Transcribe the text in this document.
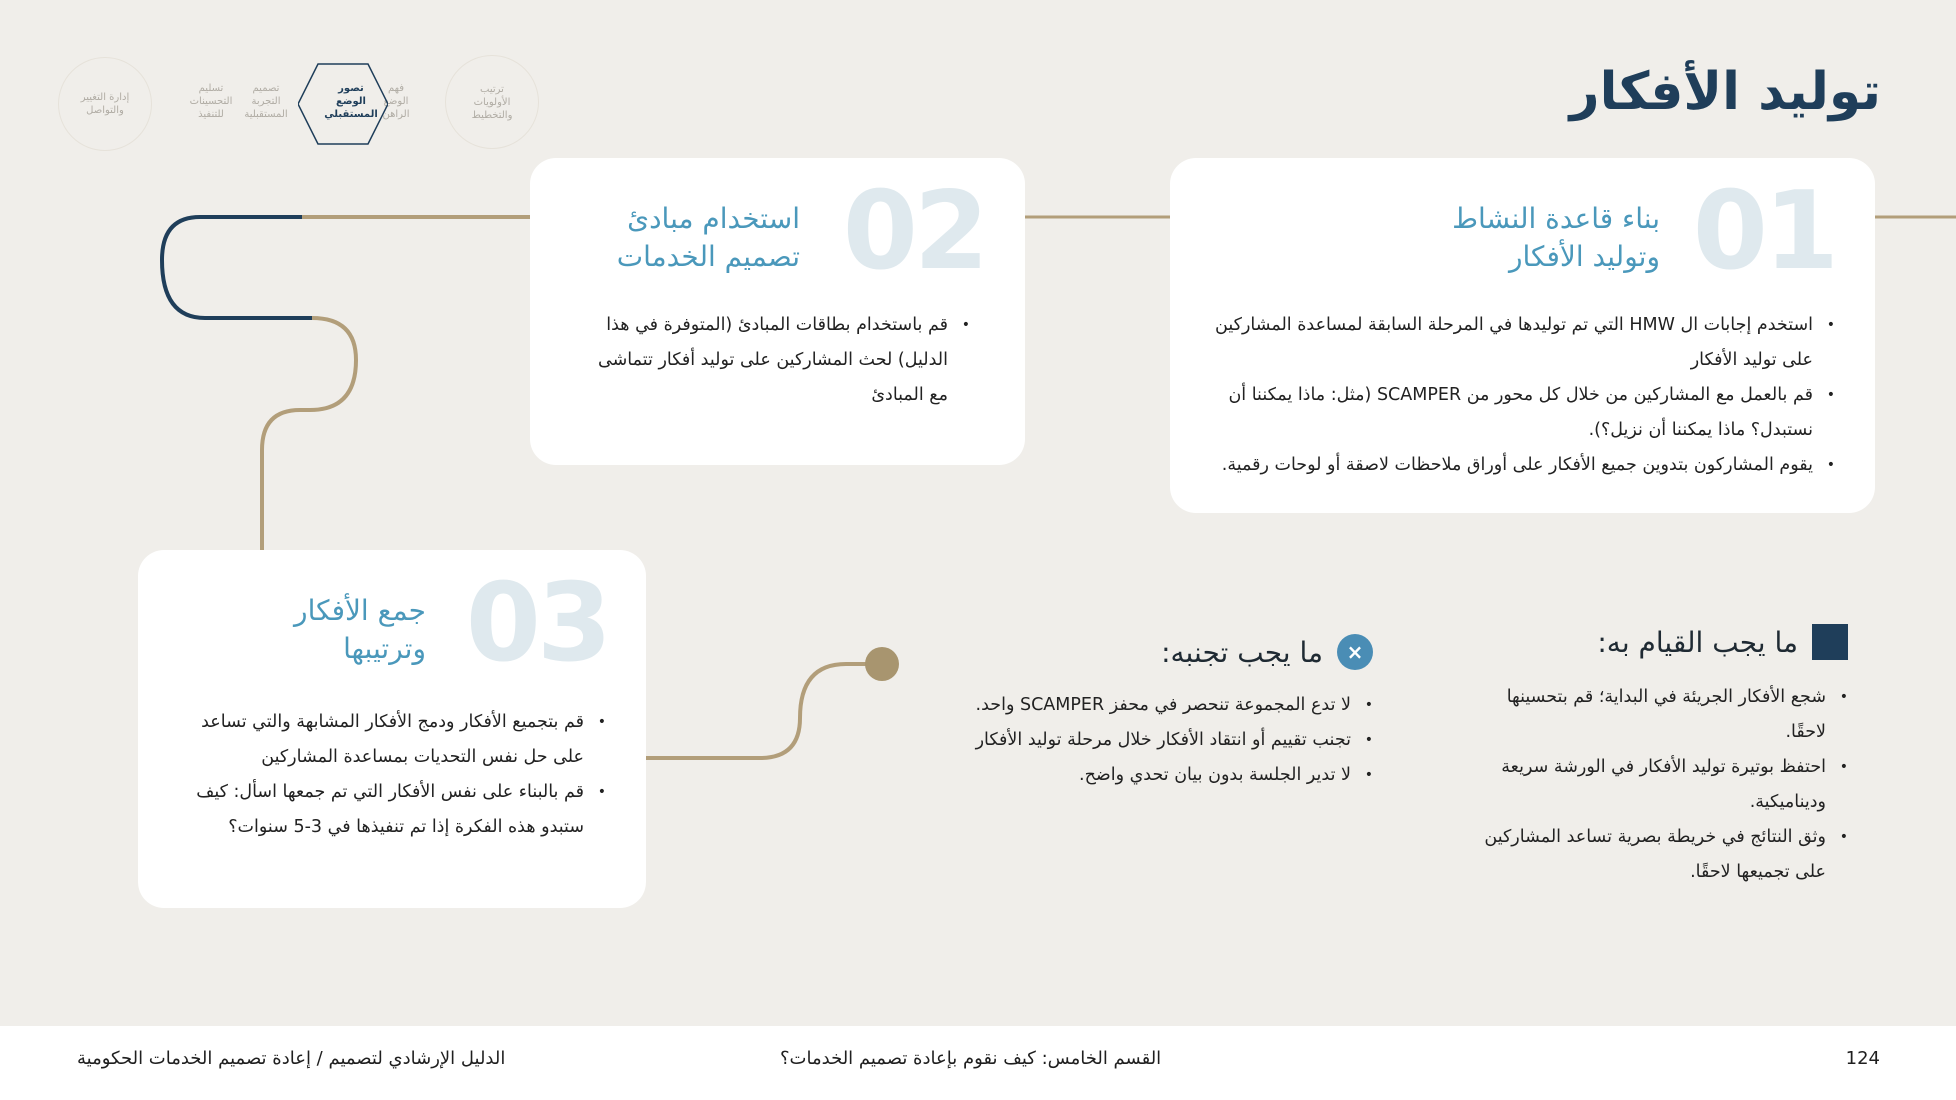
ترتيب الأولويات والتخطيط
فهم الوضع الراهن
تصور الوضع المستقبلي
تصميم التجربة المستقبلية
تسليم التحسينات للتنفيذ
إدارة التغيير والتواصل	توليد الأفكار
01
بناء قاعدة النشاط
وتوليد الأفكار
• استخدم إجابات ال HMW التي تم توليدها في المرحلة السابقة لمساعدة المشاركين على توليد الأفكار
• قم بالعمل مع المشاركين من خلال كل محور من SCAMPER (مثل: ماذا يمكننا أن نستبدل؟ ماذا يمكننا أن نزيل؟).
• يقوم المشاركون بتدوين جميع الأفكار على أوراق ملاحظات لاصقة أو لوحات رقمية.
02
استخدام مبادئ
تصميم الخدمات
• قم باستخدام بطاقات المبادئ (المتوفرة في هذا الدليل) لحث المشاركين على توليد أفكار تتماشى مع المبادئ
03
جمع الأفكار
وترتيبها
• قم بتجميع الأفكار ودمج الأفكار المشابهة والتي تساعد على حل نفس التحديات بمساعدة المشاركين
• قم بالبناء على نفس الأفكار التي تم جمعها اسأل: كيف ستبدو هذه الفكرة إذا تم تنفيذها في 3-5 سنوات؟
ما يجب القيام به:
• شجع الأفكار الجريئة في البداية؛ قم بتحسينها لاحقًا.
• احتفظ بوتيرة توليد الأفكار في الورشة سريعة وديناميكية.
• وثق النتائج في خريطة بصرية تساعد المشاركين على تجميعها لاحقًا.
×
ما يجب تجنبه:
• لا تدع المجموعة تنحصر في محفز SCAMPER واحد.
• تجنب تقييم أو انتقاد الأفكار خلال مرحلة توليد الأفكار
• لا تدير الجلسة بدون بيان تحدي واضح.
124
القسم الخامس: كيف نقوم بإعادة تصميم الخدمات؟
الدليل الإرشادي لتصميم / إعادة تصميم الخدمات الحكومية
